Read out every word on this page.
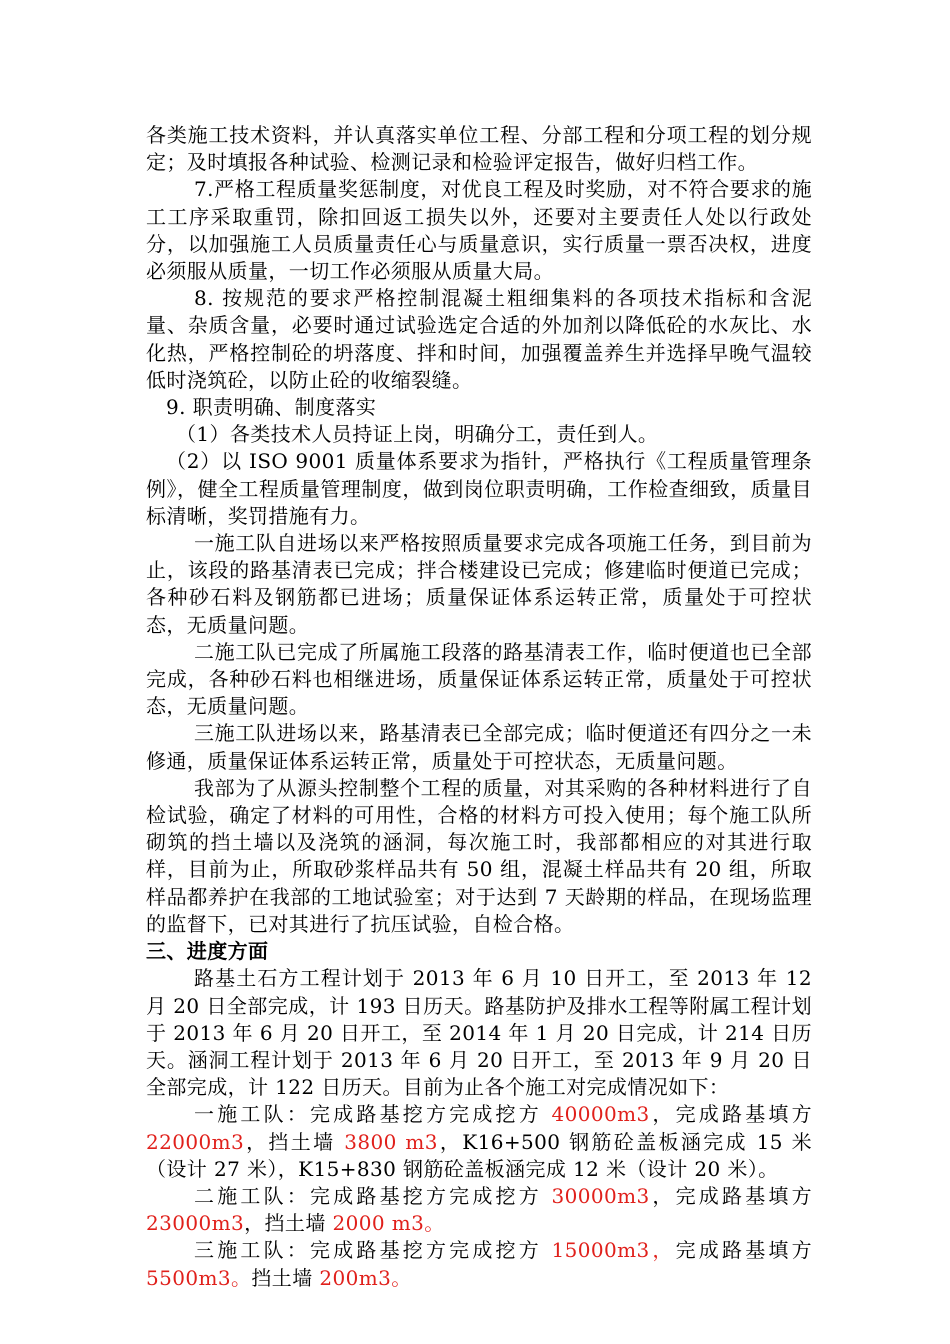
各类施工技术资料，并认真落实单位工程、分部工程和分项工程的划分规定；及时填报各种试验、检测记录和检验评定报告，做好归档工作。

7.严格工程质量奖惩制度，对优良工程及时奖励，对不符合要求的施工工序采取重罚，除扣回返工损失以外，还要对主要责任人处以行政处分，以加强施工人员质量责任心与质量意识，实行质量一票否决权，进度必须服从质量，一切工作必须服从质量大局。

8. 按规范的要求严格控制混凝土粗细集料的各项技术指标和含泥量、杂质含量，必要时通过试验选定合适的外加剂以降低砼的水灰比、水化热，严格控制砼的坍落度、拌和时间，加强覆盖养生并选择早晚气温较低时浇筑砼，以防止砼的收缩裂缝。

9. 职责明确、制度落实

（1）各类技术人员持证上岗，明确分工，责任到人。

（2）以 ISO 9001 质量体系要求为指针，严格执行《工程质量管理条例》，健全工程质量管理制度，做到岗位职责明确，工作检查细致，质量目标清晰，奖罚措施有力。

一施工队自进场以来严格按照质量要求完成各项施工任务，到目前为止，该段的路基清表已完成；拌合楼建设已完成；修建临时便道已完成；各种砂石料及钢筋都已进场；质量保证体系运转正常，质量处于可控状态，无质量问题。

二施工队已完成了所属施工段落的路基清表工作，临时便道也已全部完成，各种砂石料也相继进场，质量保证体系运转正常，质量处于可控状态，无质量问题。

三施工队进场以来，路基清表已全部完成；临时便道还有四分之一未修通，质量保证体系运转正常，质量处于可控状态，无质量问题。

我部为了从源头控制整个工程的质量，对其采购的各种材料进行了自检试验，确定了材料的可用性，合格的材料方可投入使用；每个施工队所砌筑的挡土墙以及浇筑的涵洞，每次施工时，我部都相应的对其进行取样，目前为止，所取砂浆样品共有 50 组，混凝土样品共有 20 组，所取样品都养护在我部的工地试验室；对于达到 7 天龄期的样品，在现场监理的监督下，已对其进行了抗压试验，自检合格。

三、进度方面

路基土石方工程计划于 2013 年 6 月 10 日开工，至 2013 年 12 月 20 日全部完成，计 193 日历天。路基防护及排水工程等附属工程计划于 2013 年 6 月 20 日开工，至 2014 年 1 月 20 日完成，计 214 日历天。涵洞工程计划于 2013 年 6 月 20 日开工，至 2013 年 9 月 20 日全部完成，计 122 日历天。目前为止各个施工对完成情况如下：

一施工队：完成路基挖方完成挖方 40000m3，完成路基填方 22000m3，挡土墙 3800 m3，K16+500 钢筋砼盖板涵完成 15 米（设计 27 米），K15+830 钢筋砼盖板涵完成 12 米（设计 20 米）。

二施工队：完成路基挖方完成挖方 30000m3，完成路基填方 23000m3，挡土墙 2000 m3。

三施工队：完成路基挖方完成挖方 15000m3，完成路基填方 5500m3。挡土墙 200m3。
